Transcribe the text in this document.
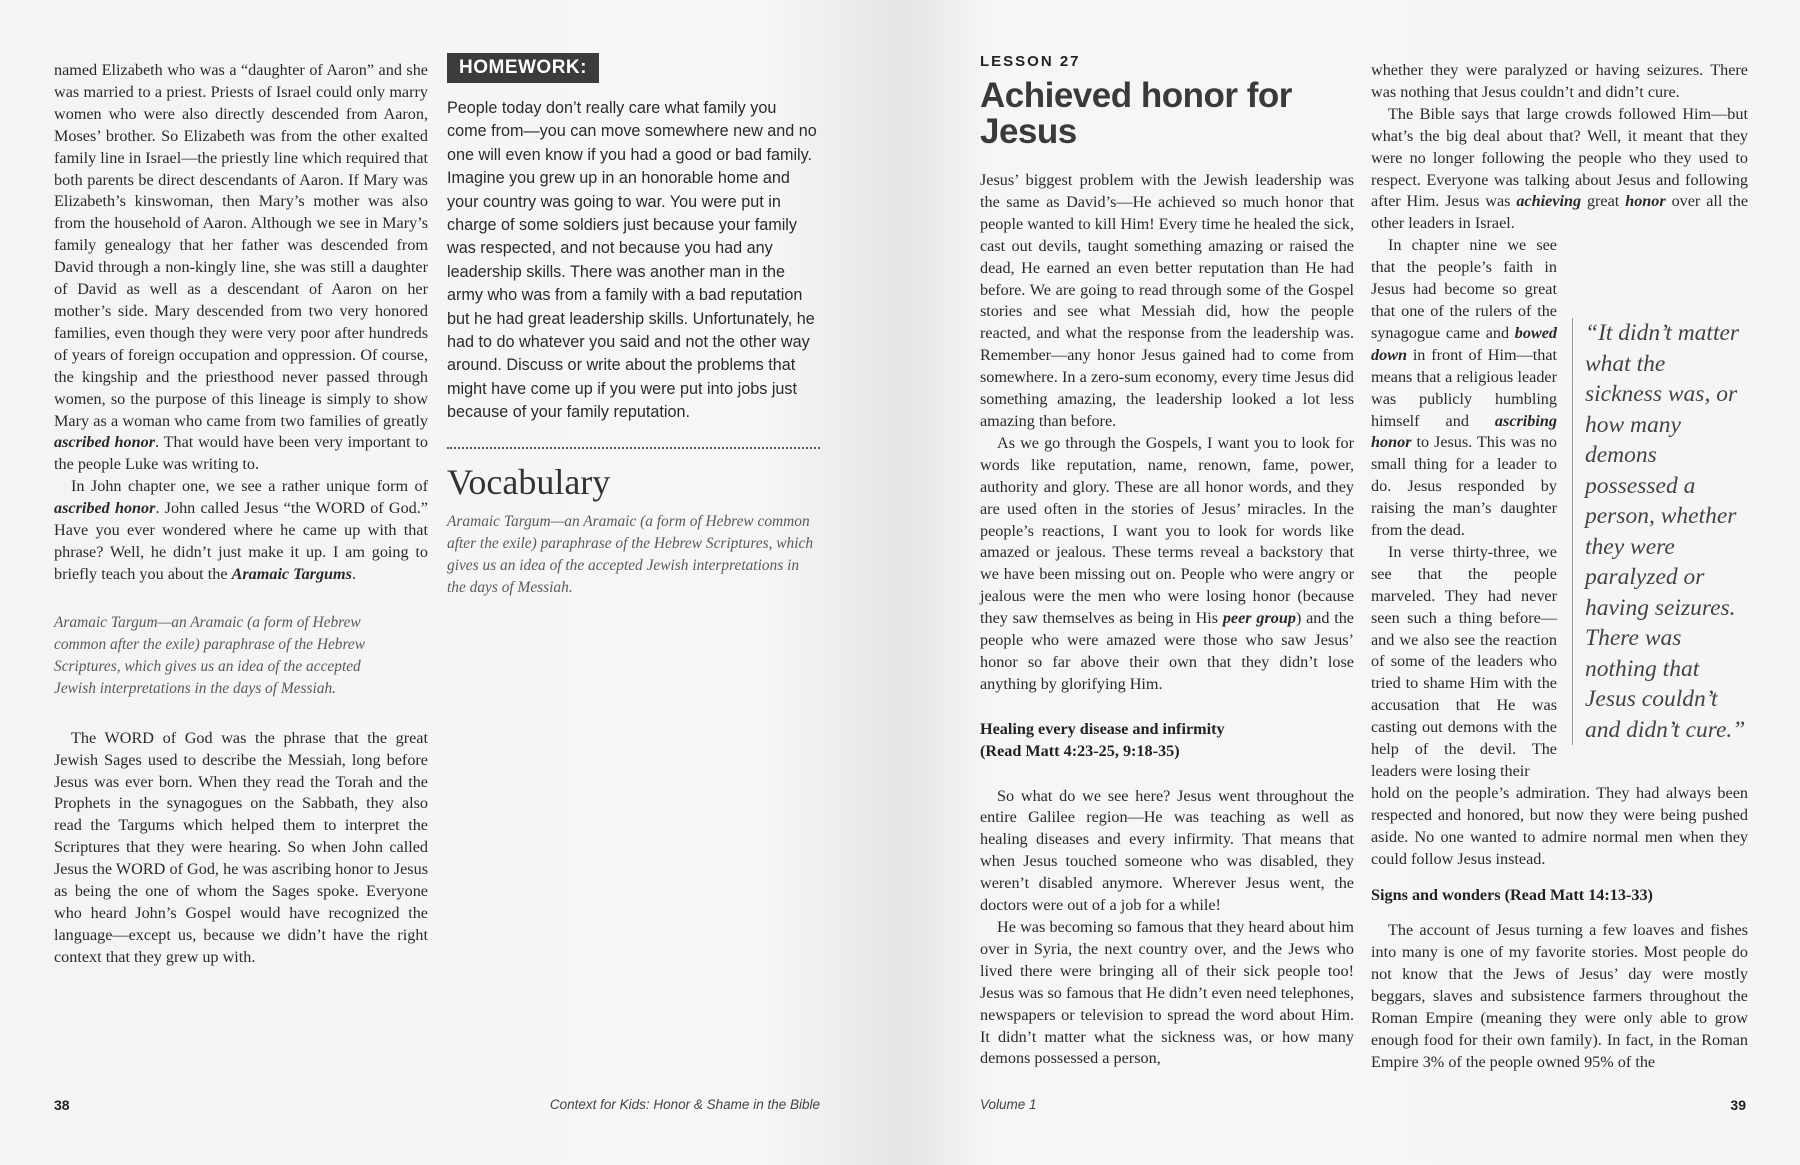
named Elizabeth who was a “daughter of Aaron” and she was married to a priest. Priests of Israel could only marry women who were also directly descended from Aaron, Moses’ brother. So Elizabeth was from the other exalted family line in Israel—the priestly line which required that both parents be direct descendants of Aaron. If Mary was Elizabeth’s kinswoman, then Mary’s mother was also from the household of Aaron. Although we see in Mary’s family genealogy that her father was descended from David through a non-kingly line, she was still a daughter of David as well as a descendant of Aaron on her mother’s side. Mary descended from two very honored families, even though they were very poor after hundreds of years of foreign occupation and oppression. Of course, the kingship and the priesthood never passed through women, so the purpose of this lineage is simply to show Mary as a woman who came from two families of greatly ascribed honor. That would have been very important to the people Luke was writing to.

In John chapter one, we see a rather unique form of ascribed honor. John called Jesus “the WORD of God.” Have you ever wondered where he came up with that phrase? Well, he didn’t just make it up. I am going to briefly teach you about the Aramaic Targums.

Aramaic Targum—an Aramaic (a form of Hebrew common after the exile) paraphrase of the Hebrew Scriptures, which gives us an idea of the accepted Jewish interpretations in the days of Messiah.

The WORD of God was the phrase that the great Jewish Sages used to describe the Messiah, long before Jesus was ever born. When they read the Torah and the Prophets in the synagogues on the Sabbath, they also read the Targums which helped them to interpret the Scriptures that they were hearing. So when John called Jesus the WORD of God, he was ascribing honor to Jesus as being the one of whom the Sages spoke. Everyone who heard John’s Gospel would have recognized the language—except us, because we didn’t have the right context that they grew up with.

HOMEWORK:
People today don’t really care what family you come from—you can move somewhere new and no one will even know if you had a good or bad family. Imagine you grew up in an honorable home and your country was going to war. You were put in charge of some soldiers just because your family was respected, and not because you had any leadership skills. There was another man in the army who was from a family with a bad reputation but he had great leadership skills. Unfortunately, he had to do whatever you said and not the other way around. Discuss or write about the problems that might have come up if you were put into jobs just because of your family reputation.
Vocabulary
Aramaic Targum—an Aramaic (a form of Hebrew common after the exile) paraphrase of the Hebrew Scriptures, which gives us an idea of the accepted Jewish interpretations in the days of Messiah.
38	Context for Kids: Honor & Shame in the Bible
LESSON 27
Achieved honor for Jesus

Jesus’ biggest problem with the Jewish leadership was the same as David’s—He achieved so much honor that people wanted to kill Him! Every time he healed the sick, cast out devils, taught something amazing or raised the dead, He earned an even better reputation than He had before. We are going to read through some of the Gospel stories and see what Messiah did, how the people reacted, and what the response from the leadership was. Remember—any honor Jesus gained had to come from somewhere. In a zero-sum economy, every time Jesus did something amazing, the leadership looked a lot less amazing than before.

As we go through the Gospels, I want you to look for words like reputation, name, renown, fame, power, authority and glory. These are all honor words, and they are used often in the stories of Jesus’ miracles. In the people’s reactions, I want you to look for words like amazed or jealous. These terms reveal a backstory that we have been missing out on. People who were angry or jealous were the men who were losing honor (because they saw themselves as being in His peer group) and the people who were amazed were those who saw Jesus’ honor so far above their own that they didn’t lose anything by glorifying Him.

Healing every disease and infirmity
(Read Matt 4:23-25, 9:18-35)

So what do we see here? Jesus went throughout the entire Galilee region—He was teaching as well as healing diseases and every infirmity. That means that when Jesus touched someone who was disabled, they weren’t disabled anymore. Wherever Jesus went, the doctors were out of a job for a while!

He was becoming so famous that they heard about him over in Syria, the next country over, and the Jews who lived there were bringing all of their sick people too! Jesus was so famous that He didn’t even need telephones, newspapers or television to spread the word about Him. It didn’t matter what the sickness was, or how many demons possessed a person,

whether they were paralyzed or having seizures. There was nothing that Jesus couldn’t and didn’t cure.

The Bible says that large crowds followed Him—but what’s the big deal about that? Well, it meant that they were no longer following the people who they used to respect. Everyone was talking about Jesus and following after Him. Jesus was achieving great honor over all the other leaders in Israel.

In chapter nine we see that the people’s faith in Jesus had become so great that one of the rulers of the synagogue came and bowed down in front of Him—that means that a religious leader was publicly humbling himself and ascribing honor to Jesus. This was no small thing for a leader to do. Jesus responded by raising the man’s daughter from the dead.

In verse thirty-three, we see that the people marveled. They had never seen such a thing before—and we also see the reaction of some of the leaders who tried to shame Him with the accusation that He was casting out demons with the help of the devil. The leaders were losing their

hold on the people’s admiration. They had always been respected and honored, but now they were being pushed aside. No one wanted to admire normal men when they could follow Jesus instead.

Signs and wonders (Read Matt 14:13-33)

The account of Jesus turning a few loaves and fishes into many is one of my favorite stories. Most people do not know that the Jews of Jesus’ day were mostly beggars, slaves and subsistence farmers throughout the Roman Empire (meaning they were only able to grow enough food for their own family). In fact, in the Roman Empire 3% of the people owned 95% of the

“It didn’t matter what the sickness was, or how many demons possessed a person, whether they were paralyzed or having seizures. There was nothing that Jesus couldn’t and didn’t cure.”
Volume 1	39
